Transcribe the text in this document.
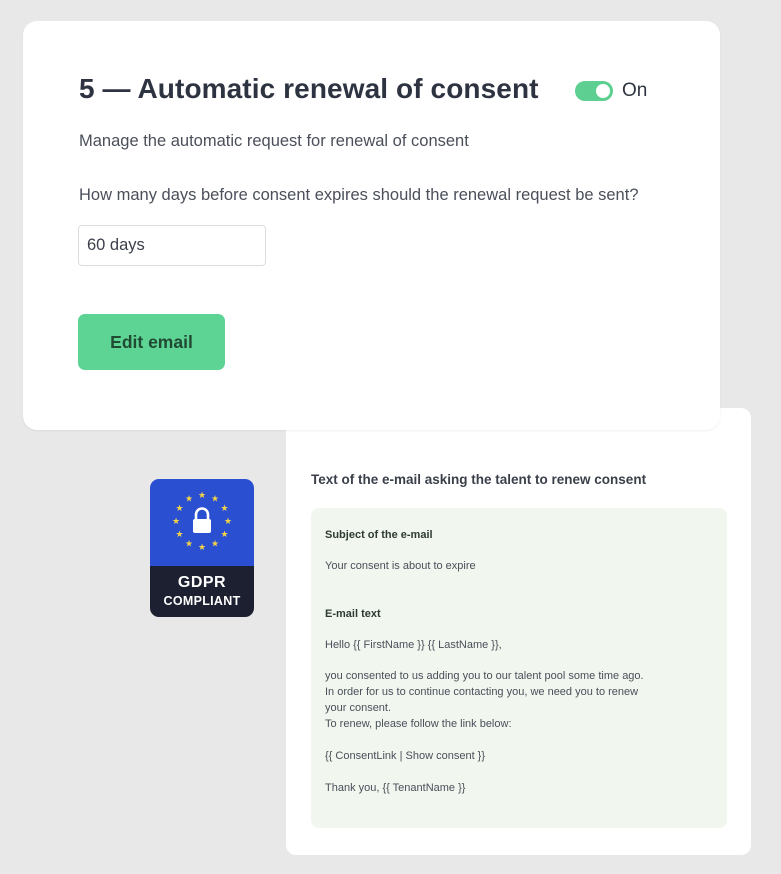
5 — Automatic renewal of consent	On
Manage the automatic request for renewal of consent
How many days before consent expires should the renewal request be sent?
60 days
Edit email
★ ★
★
★
★
★
★
★
★
★
★
★
GDPR
COMPLIANT
Text of the e-mail asking the talent to renew consent
Subject of the e-mail
Your consent is about to expire
E-mail text
Hello {{ FirstName }} {{ LastName }},
you consented to us adding you to our talent pool some time ago.
In order for us to continue contacting you, we need you to renew
your consent.
To renew, please follow the link below:
{{ ConsentLink | Show consent }}
Thank you, {{ TenantName }}
